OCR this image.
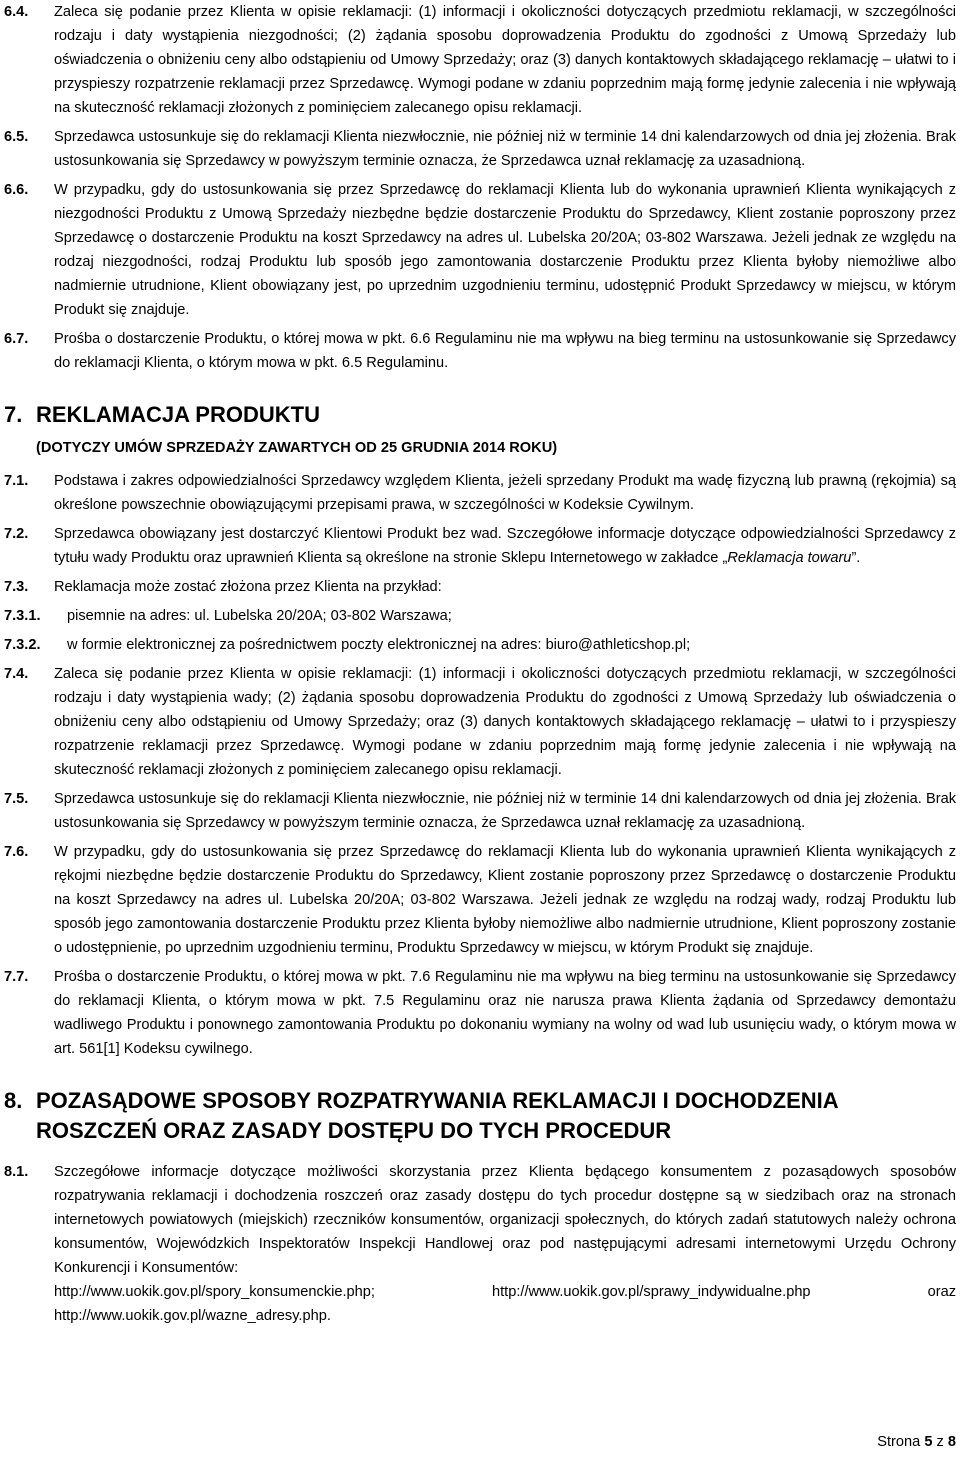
6.4. Zaleca się podanie przez Klienta w opisie reklamacji: (1) informacji i okoliczności dotyczących przedmiotu reklamacji, w szczególności rodzaju i daty wystąpienia niezgodności; (2) żądania sposobu doprowadzenia Produktu do zgodności z Umową Sprzedaży lub oświadczenia o obniżeniu ceny albo odstąpieniu od Umowy Sprzedaży; oraz (3) danych kontaktowych składającego reklamację – ułatwi to i przyspieszy rozpatrzenie reklamacji przez Sprzedawcę. Wymogi podane w zdaniu poprzednim mają formę jedynie zalecenia i nie wpływają na skuteczność reklamacji złożonych z pominięciem zalecanego opisu reklamacji.

6.5. Sprzedawca ustosunkuje się do reklamacji Klienta niezwłocznie, nie później niż w terminie 14 dni kalendarzowych od dnia jej złożenia. Brak ustosunkowania się Sprzedawcy w powyższym terminie oznacza, że Sprzedawca uznał reklamację za uzasadnioną.

6.6. W przypadku, gdy do ustosunkowania się przez Sprzedawcę do reklamacji Klienta lub do wykonania uprawnień Klienta wynikających z niezgodności Produktu z Umową Sprzedaży niezbędne będzie dostarczenie Produktu do Sprzedawcy, Klient zostanie poproszony przez Sprzedawcę o dostarczenie Produktu na koszt Sprzedawcy na adres ul. Lubelska 20/20A; 03-802 Warszawa. Jeżeli jednak ze względu na rodzaj niezgodności, rodzaj Produktu lub sposób jego zamontowania dostarczenie Produktu przez Klienta byłoby niemożliwe albo nadmiernie utrudnione, Klient obowiązany jest, po uprzednim uzgodnieniu terminu, udostępnić Produkt Sprzedawcy w miejscu, w którym Produkt się znajduje.

6.7. Prośba o dostarczenie Produktu, o której mowa w pkt. 6.6 Regulaminu nie ma wpływu na bieg terminu na ustosunkowanie się Sprzedawcy do reklamacji Klienta, o którym mowa w pkt. 6.5 Regulaminu.

7. REKLAMACJA PRODUKTU
(DOTYCZY UMÓW SPRZEDAŻY ZAWARTYCH OD 25 GRUDNIA 2014 ROKU)

7.1. Podstawa i zakres odpowiedzialności Sprzedawcy względem Klienta, jeżeli sprzedany Produkt ma wadę fizyczną lub prawną (rękojmia) są określone powszechnie obowiązującymi przepisami prawa, w szczególności w Kodeksie Cywilnym.

7.2. Sprzedawca obowiązany jest dostarczyć Klientowi Produkt bez wad. Szczegółowe informacje dotyczące odpowiedzialności Sprzedawcy z tytułu wady Produktu oraz uprawnień Klienta są określone na stronie Sklepu Internetowego w zakładce „Reklamacja towaru”.

7.3. Reklamacja może zostać złożona przez Klienta na przykład:

7.3.1. pisemnie na adres: ul. Lubelska 20/20A; 03-802 Warszawa;

7.3.2. w formie elektronicznej za pośrednictwem poczty elektronicznej na adres: biuro@athleticshop.pl;

7.4. Zaleca się podanie przez Klienta w opisie reklamacji: (1) informacji i okoliczności dotyczących przedmiotu reklamacji, w szczególności rodzaju i daty wystąpienia wady; (2) żądania sposobu doprowadzenia Produktu do zgodności z Umową Sprzedaży lub oświadczenia o obniżeniu ceny albo odstąpieniu od Umowy Sprzedaży; oraz (3) danych kontaktowych składającego reklamację – ułatwi to i przyspieszy rozpatrzenie reklamacji przez Sprzedawcę. Wymogi podane w zdaniu poprzednim mają formę jedynie zalecenia i nie wpływają na skuteczność reklamacji złożonych z pominięciem zalecanego opisu reklamacji.

7.5. Sprzedawca ustosunkuje się do reklamacji Klienta niezwłocznie, nie później niż w terminie 14 dni kalendarzowych od dnia jej złożenia. Brak ustosunkowania się Sprzedawcy w powyższym terminie oznacza, że Sprzedawca uznał reklamację za uzasadnioną.

7.6. W przypadku, gdy do ustosunkowania się przez Sprzedawcę do reklamacji Klienta lub do wykonania uprawnień Klienta wynikających z rękojmi niezbędne będzie dostarczenie Produktu do Sprzedawcy, Klient zostanie poproszony przez Sprzedawcę o dostarczenie Produktu na koszt Sprzedawcy na adres ul. Lubelska 20/20A; 03-802 Warszawa. Jeżeli jednak ze względu na rodzaj wady, rodzaj Produktu lub sposób jego zamontowania dostarczenie Produktu przez Klienta byłoby niemożliwe albo nadmiernie utrudnione, Klient poproszony zostanie o udostępnienie, po uprzednim uzgodnieniu terminu, Produktu Sprzedawcy w miejscu, w którym Produkt się znajduje.

7.7. Prośba o dostarczenie Produktu, o której mowa w pkt. 7.6 Regulaminu nie ma wpływu na bieg terminu na ustosunkowanie się Sprzedawcy do reklamacji Klienta, o którym mowa w pkt. 7.5 Regulaminu oraz nie narusza prawa Klienta żądania od Sprzedawcy demontażu wadliwego Produktu i ponownego zamontowania Produktu po dokonaniu wymiany na wolny od wad lub usunięciu wady, o którym mowa w art. 561[1] Kodeksu cywilnego.

8. POZASĄDOWE SPOSOBY ROZPATRYWANIA REKLAMACJI I DOCHODZENIA
ROSZCZEŃ ORAZ ZASADY DOSTĘPU DO TYCH PROCEDUR
8.1. Szczegółowe informacje dotyczące możliwości skorzystania przez Klienta będącego konsumentem z pozasądowych sposobów rozpatrywania reklamacji i dochodzenia roszczeń oraz zasady dostępu do tych procedur dostępne są w siedzibach oraz na stronach internetowych powiatowych (miejskich) rzeczników konsumentów, organizacji społecznych, do których zadań statutowych należy ochrona konsumentów, Wojewódzkich Inspektoratów Inspekcji Handlowej oraz pod następującymi adresami internetowymi Urzędu Ochrony Konkurencji i Konsumentów:
http://www.uokik.gov.pl/spory_konsumenckie.php;	http://www.uokik.gov.pl/sprawy_indywidualne.php	oraz
http://www.uokik.gov.pl/wazne_adresy.php.
Strona 5 z 8
